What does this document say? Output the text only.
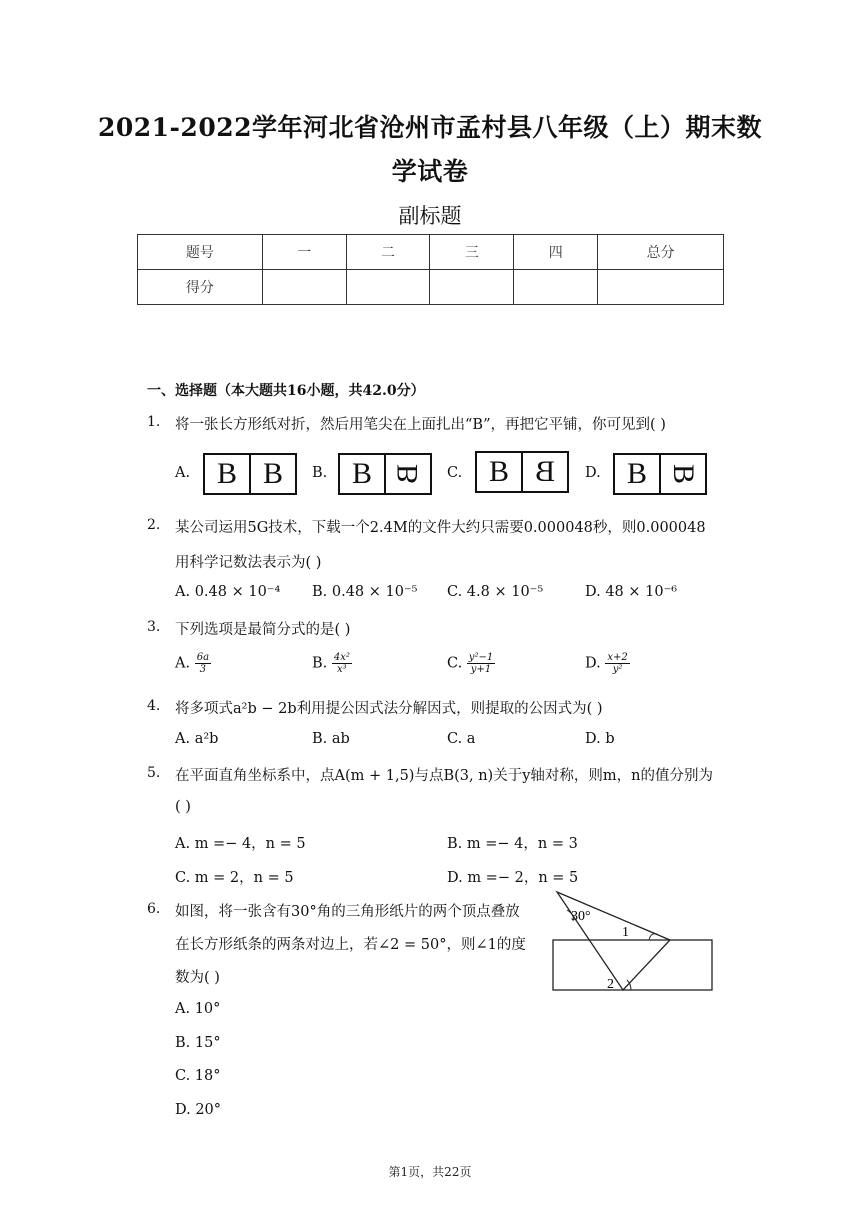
2021-2022学年河北省沧州市孟村县八年级（上）期末数
学试卷
副标题
题号	一	二	三	四	总分
得分					
一、选择题（本大题共16小题，共42.0分）
1. 将一张长方形纸对折，然后用笔尖在上面扎出“B”，再把它平铺，你可见到( )
A. B B	B. B B C. B B D. B B
2. 某公司运用5G技术，下载一个2.4M的文件大约只需要0.000048秒，则0.000048
用科学记数法表示为( )
A. 0.48 × 10⁻⁴ B. 0.48 × 10⁻⁵ C. 4.8 × 10⁻⁵	D. 48 × 10⁻⁶
3. 下列选项是最简分式的是( )
A. $\frac{6a}{3}$	B. $\frac{\text{4x²}}{\text{x³}}$	C. $\frac{\text{y²−1}}{y+1}$	D. $\frac{x+2}{\text{y²}}$
4. 将多项式a²b − 2b利用提公因式法分解因式，则提取的公因式为( )
A. a²b	B. ab	C. a	D. b
5. 在平面直角坐标系中，点A(m + 1,5)与点B(3, n)关于y轴对称，则m，n的值分别为
( )
A. m =− 4，n = 5	B. m =− 4，n = 3
C. m = 2，n = 5	D. m =− 2，n = 5
6. 如图，将一张含有30°角的三角形纸片的两个顶点叠放
在长方形纸条的两条对边上，若∠2 = 50°，则∠1的度
数为( )
A. 10°
B. 15°
C. 18°
D. 20°
30°
1
2
第1页，共22页
